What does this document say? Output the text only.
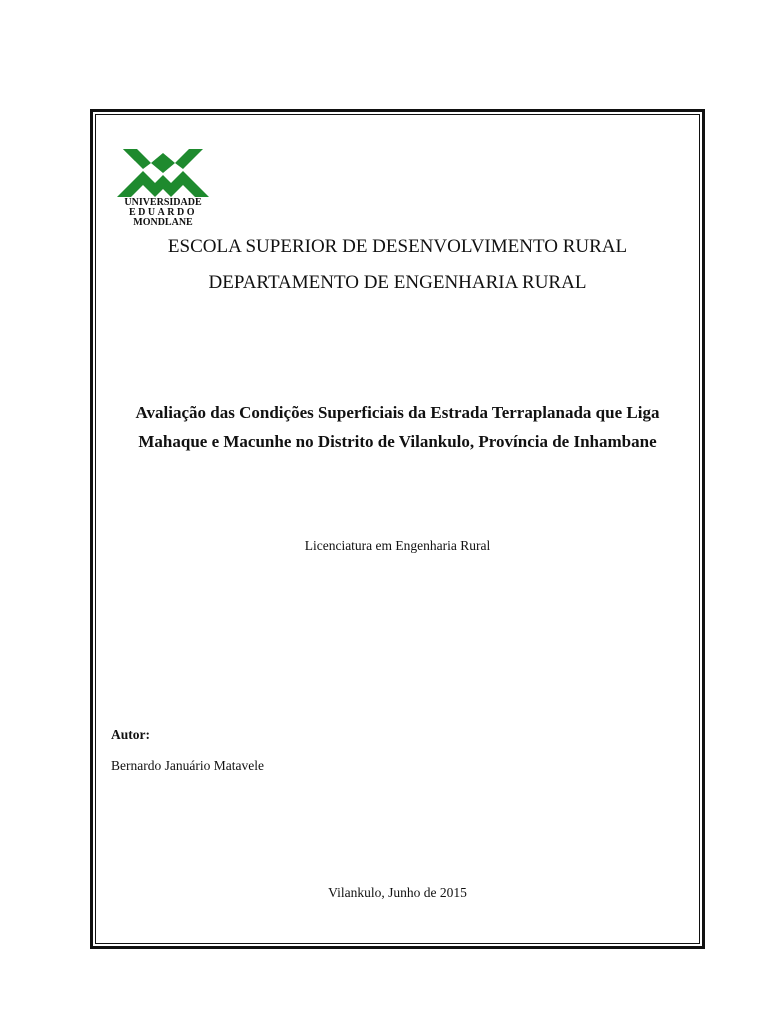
UNIVERSIDADE
EDUARDO
MONDLANE
ESCOLA SUPERIOR DE DESENVOLVIMENTO RURAL
DEPARTAMENTO DE ENGENHARIA RURAL
Avaliação das Condições Superficiais da Estrada Terraplanada que Liga
Mahaque e Macunhe no Distrito de Vilankulo, Província de Inhambane
Licenciatura em Engenharia Rural
Autor:
Bernardo Januário Matavele
Vilankulo, Junho de 2015
